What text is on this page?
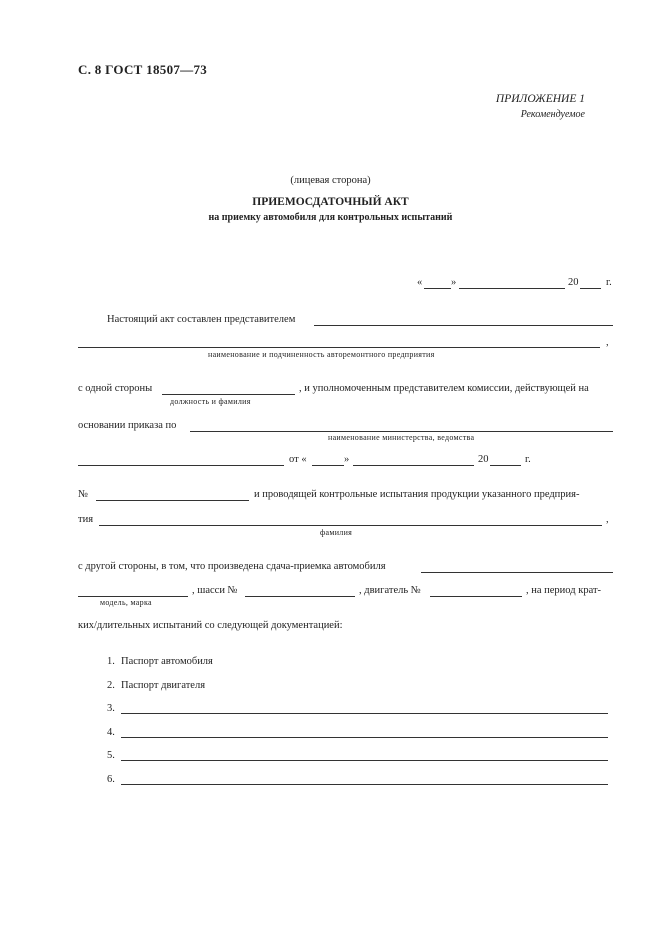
С. 8 ГОСТ 18507—73
ПРИЛОЖЕНИЕ 1
Рекомендуемое
(лицевая сторона)
ПРИЕМОСДАТОЧНЫЙ АКТ
на приемку автомобиля для контрольных испытаний
«	»	20	г.
Настоящий акт составлен представителем
,
наименование и подчиненность авторемонтного предприятия
с одной стороны	, и уполномоченным представителем комиссии, действующей на
должность и фамилия
основании приказа по
наименование министерства, ведомства
от «	»	20	г.
№	и проводящей контрольные испытания продукции указанного предприя-
тия	,
фамилия
с другой стороны, в том, что произведена сдача-приемка автомобиля
, шасси №	, двигатель №	, на период крат-
модель, марка
ких/длительных испытаний со следующей документацией:
1. Паспорт автомобиля
2. Паспорт двигателя
3.
4.
5.
6.
